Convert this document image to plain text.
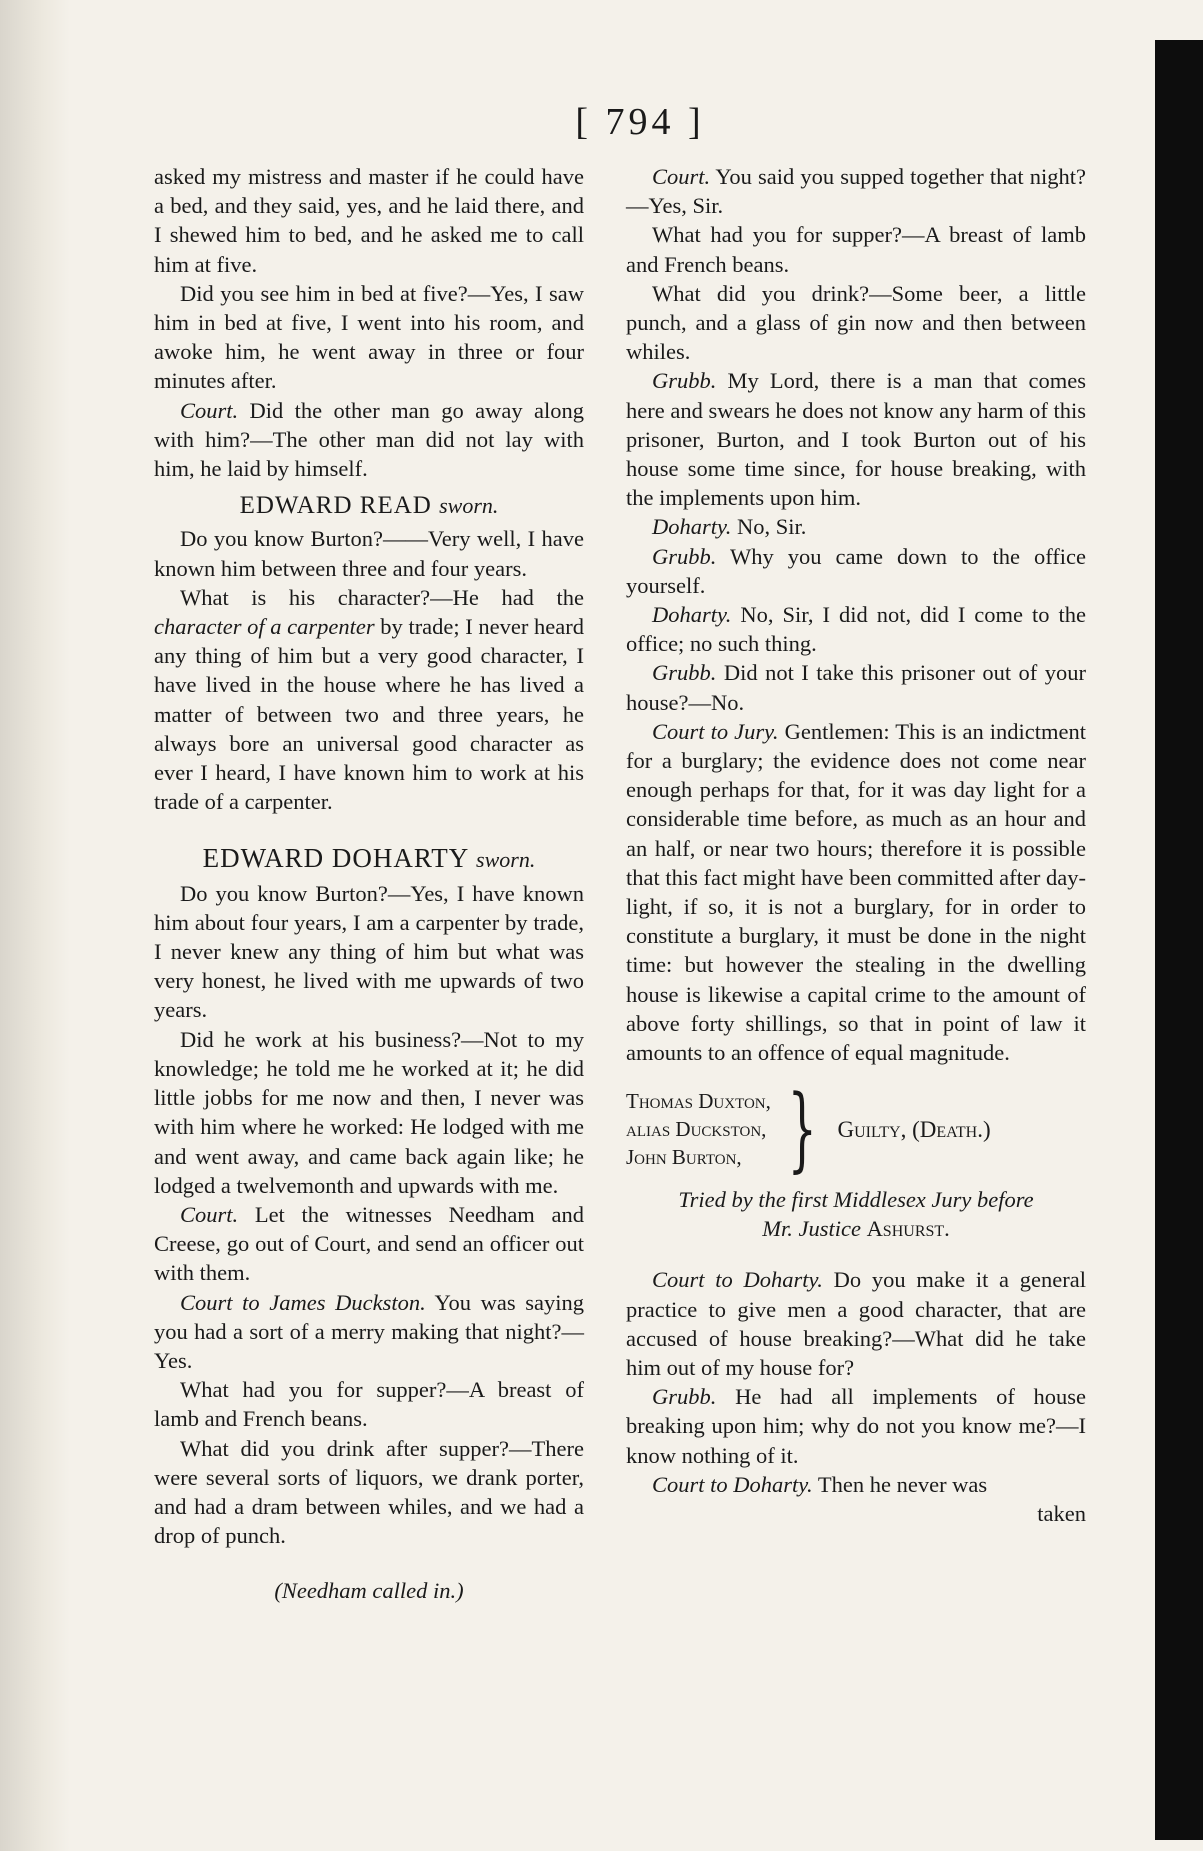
[ 794 ]

asked my mistress and master if he could have a bed, and they said, yes, and he laid there, and I shewed him to bed, and he asked me to call him at five.

Did you see him in bed at five?—Yes, I saw him in bed at five, I went into his room, and awoke him, he went away in three or four minutes after.

Court. Did the other man go away along with him?—The other man did not lay with him, he laid by himself.

EDWARD READ sworn.

Do you know Burton?——Very well, I have known him between three and four years.

What is his character?—He had the character of a carpenter by trade; I never heard any thing of him but a very good character, I have lived in the house where he has lived a matter of between two and three years, he always bore an universal good character as ever I heard, I have known him to work at his trade of a carpenter.

EDWARD DOHARTY sworn.

Do you know Burton?—Yes, I have known him about four years, I am a carpenter by trade, I never knew any thing of him but what was very honest, he lived with me upwards of two years.

Did he work at his business?—Not to my knowledge; he told me he worked at it; he did little jobbs for me now and then, I never was with him where he worked: He lodged with me and went away, and came back again like; he lodged a twelvemonth and upwards with me.

Court. Let the witnesses Needham and Creese, go out of Court, and send an officer out with them.

Court to James Duckston. You was saying you had a sort of a merry making that night?—Yes.

What had you for supper?—A breast of lamb and French beans.

What did you drink after supper?—There were several sorts of liquors, we drank porter, and had a dram between whiles, and we had a drop of punch.

(Needham called in.)

Court. You said you supped together that night?—Yes, Sir.

What had you for supper?—A breast of lamb and French beans.

What did you drink?—Some beer, a little punch, and a glass of gin now and then between whiles.

Grubb. My Lord, there is a man that comes here and swears he does not know any harm of this prisoner, Burton, and I took Burton out of his house some time since, for house breaking, with the implements upon him.

Doharty. No, Sir.

Grubb. Why you came down to the office yourself.

Doharty. No, Sir, I did not, did I come to the office; no such thing.

Grubb. Did not I take this prisoner out of your house?—No.

Court to Jury. Gentlemen: This is an indictment for a burglary; the evidence does not come near enough perhaps for that, for it was day light for a considerable time before, as much as an hour and an half, or near two hours; therefore it is possible that this fact might have been committed after day-light, if so, it is not a burglary, for in order to constitute a burglary, it must be done in the night time: but however the stealing in the dwelling house is likewise a capital crime to the amount of above forty shillings, so that in point of law it amounts to an offence of equal magnitude.

Thomas Duxton,
alias Duckston,
John Burton, } Guilty, (Death.)

Tried by the first Middlesex Jury before
Mr. Justice Ashurst.

Court to Doharty. Do you make it a general practice to give men a good character, that are accused of house breaking?—What did he take him out of my house for?

Grubb. He had all implements of house breaking upon him; why do not you know me?—I know nothing of it.

Court to Doharty. Then he never was

taken
